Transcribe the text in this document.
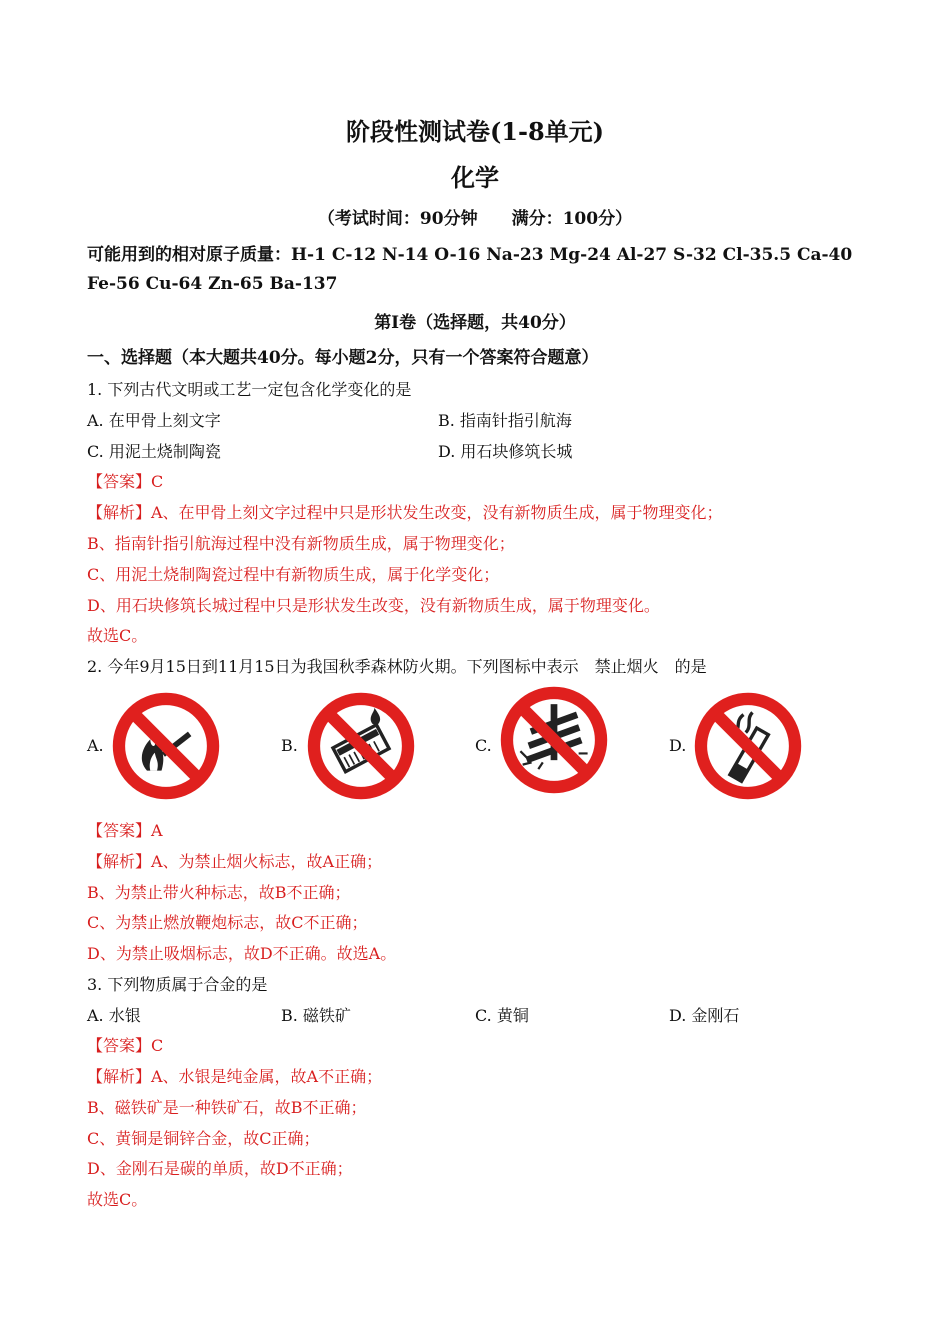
阶段性测试卷(1-8单元)
化学
（考试时间：90分钟　　满分：100分）
可能用到的相对原子质量：H-1 C-12 N-14 O-16 Na-23 Mg-24 Al-27 S-32 Cl-35.5 Ca-40
Fe-56 Cu-64 Zn-65 Ba-137
第I卷（选择题，共40分）
一、选择题（本大题共40分。每小题2分，只有一个答案符合题意）
1. 下列古代文明或工艺一定包含化学变化的是
A. 在甲骨上刻文字	B. 指南针指引航海
C. 用泥土烧制陶瓷	D. 用石块修筑长城
【答案】C
【解析】A、在甲骨上刻文字过程中只是形状发生改变，没有新物质生成，属于物理变化；
B、指南针指引航海过程中没有新物质生成，属于物理变化；
C、用泥土烧制陶瓷过程中有新物质生成，属于化学变化；
D、用石块修筑长城过程中只是形状发生改变，没有新物质生成，属于物理变化。
故选C。
2. 今年9月15日到11月15日为我国秋季森林防火期。下列图标中表示　禁止烟火　的是
A.	B.	C.	D.
【答案】A
【解析】A、为禁止烟火标志，故A正确；
B、为禁止带火种标志，故B不正确；
C、为禁止燃放鞭炮标志，故C不正确；
D、为禁止吸烟标志，故D不正确。故选A。
3. 下列物质属于合金的是
A. 水银	B. 磁铁矿	C. 黄铜	D. 金刚石
【答案】C
【解析】A、水银是纯金属，故A不正确；
B、磁铁矿是一种铁矿石，故B不正确；
C、黄铜是铜锌合金，故C正确；
D、金刚石是碳的单质，故D不正确；
故选C。
